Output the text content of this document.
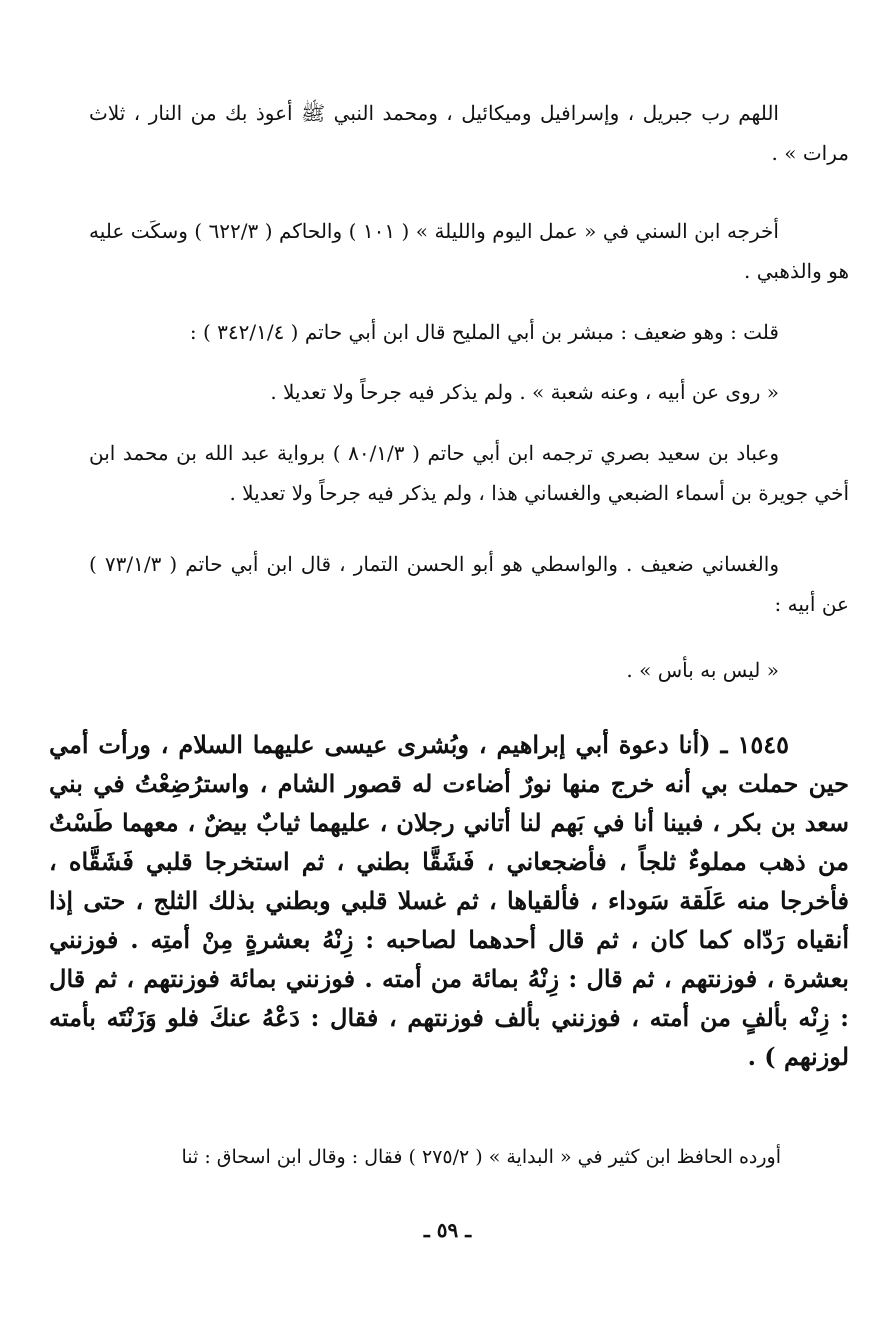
اللهم رب جبريل ، وإسرافيل وميكائيل ، ومحمد النبي ﷺ أعوذ بك من النار ، ثلاث مرات » .

أخرجه ابن السني في « عمل اليوم والليلة » ( ١٠١ ) والحاكم ( ٦٢٢/٣ ) وسكَت عليه هو والذهبي .

قلت : وهو ضعيف : مبشر بن أبي المليح قال ابن أبي حاتم ( ٣٤٢/١/٤ ) :

« روى عن أبيه ، وعنه شعبة » . ولم يذكر فيه جرحاً ولا تعديلا .

وعباد بن سعيد بصري ترجمه ابن أبي حاتم ( ٨٠/١/٣ ) برواية عبد الله بن محمد ابن أخي جويرة بن أسماء الضبعي والغساني هذا ، ولم يذكر فيه جرحاً ولا تعديلا .

والغساني ضعيف . والواسطي هو أبو الحسن التمار ، قال ابن أبي حاتم ( ٧٣/١/٣ ) عن أبيه :

« ليس به بأس » .

١٥٤٥ ـ (أنا دعوة أبي إبراهيم ، وبُشرى عيسى عليهما السلام ، ورأت أمي حين حملت بي أنه خرج منها نورٌ أضاءت له قصور الشام ، واسترُضِعْتُ في بني سعد بن بكر ، فبينا أنا في بَهم لنا أتاني رجلان ، عليهما ثيابٌ بيضٌ ، معهما طَسْتٌ من ذهب مملوءٌ ثلجاً ، فأضجعاني ، فَشَقَّا بطني ، ثم استخرجا قلبي فَشَقَّاه ، فأخرجا منه عَلَقة سَوداء ، فألقياها ، ثم غسلا قلبي وبطني بذلك الثلج ، حتى إذا أنقياه رَدّاه كما كان ، ثم قال أحدهما لصاحبه : زِنْهُ بعشرةٍ مِنْ أمتِه . فوزنني بعشرة ، فوزنتهم ، ثم قال : زِنْهُ بمائة من أمته . فوزنني بمائة فوزنتهم ، ثم قال : زِنْه بألفٍ من أمته ، فوزنني بألف فوزنتهم ، فقال : دَعْهُ عنكَ فلو وَزَنْتَه بأمته لوزنهم ) .

أورده الحافظ ابن كثير في « البداية » ( ٢٧٥/٢ ) فقال : وقال ابن اسحاق : ثنا

ـ ٥٩ ـ
